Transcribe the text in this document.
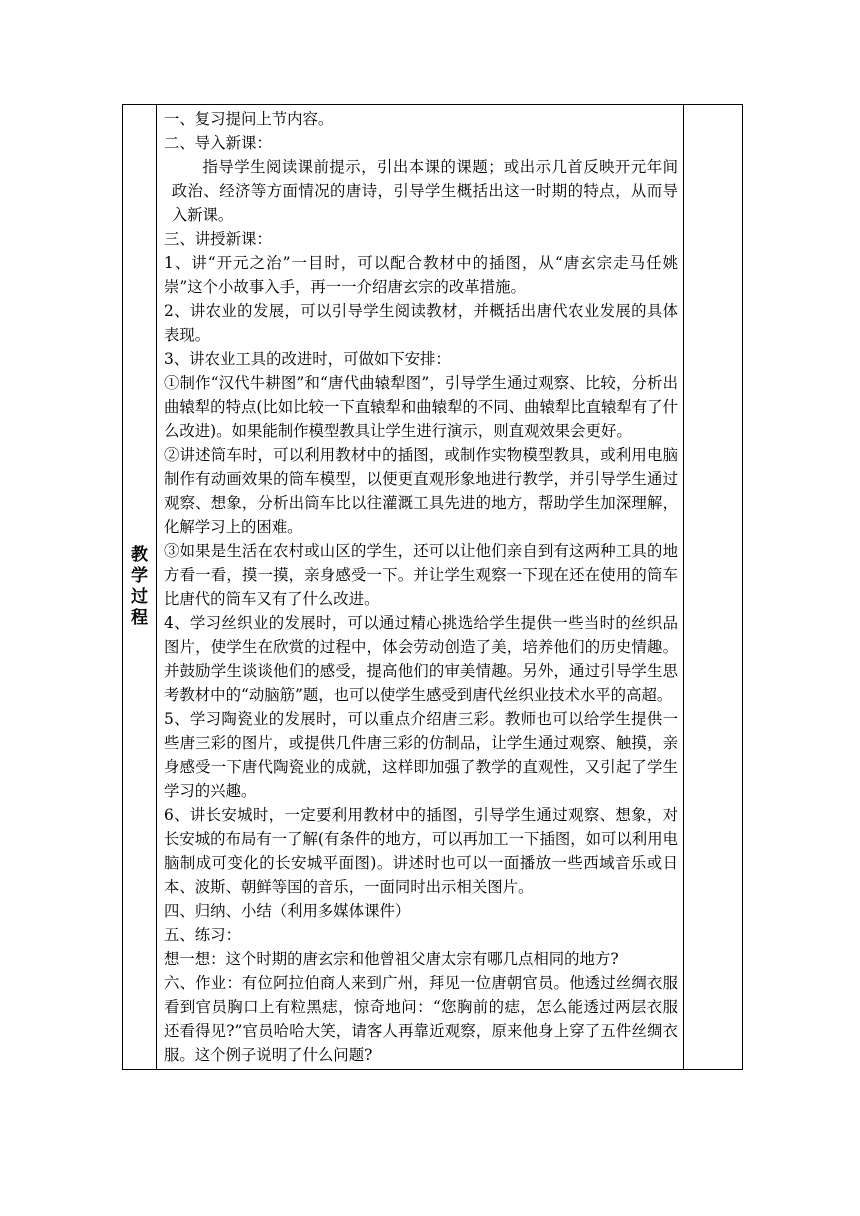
教学过程	

一、复习提问上节内容。

二、导入新课：

指导学生阅读课前提示，引出本课的课题；或出示几首反映开元年间政治、经济等方面情况的唐诗，引导学生概括出这一时期的特点，从而导入新课。

三、讲授新课：

1、讲“开元之治”一目时，可以配合教材中的插图，从“唐玄宗走马任姚崇”这个小故事入手，再一一介绍唐玄宗的改革措施。

2、讲农业的发展，可以引导学生阅读教材，并概括出唐代农业发展的具体表现。

3、讲农业工具的改进时，可做如下安排：

①制作“汉代牛耕图”和“唐代曲辕犁图”，引导学生通过观察、比较，分析出曲辕犁的特点(比如比较一下直辕犁和曲辕犁的不同、曲辕犁比直辕犁有了什么改进)。如果能制作模型教具让学生进行演示，则直观效果会更好。

②讲述筒车时，可以利用教材中的插图，或制作实物模型教具，或利用电脑制作有动画效果的筒车模型，以便更直观形象地进行教学，并引导学生通过观察、想象，分析出筒车比以往灌溉工具先进的地方，帮助学生加深理解，化解学习上的困难。

③如果是生活在农村或山区的学生，还可以让他们亲自到有这两种工具的地方看一看，摸一摸，亲身感受一下。并让学生观察一下现在还在使用的筒车比唐代的筒车又有了什么改进。

4、学习丝织业的发展时，可以通过精心挑选给学生提供一些当时的丝织品图片，使学生在欣赏的过程中，体会劳动创造了美，培养他们的历史情趣。并鼓励学生谈谈他们的感受，提高他们的审美情趣。另外，通过引导学生思考教材中的“动脑筋”题，也可以使学生感受到唐代丝织业技术水平的高超。

5、学习陶瓷业的发展时，可以重点介绍唐三彩。教师也可以给学生提供一些唐三彩的图片，或提供几件唐三彩的仿制品，让学生通过观察、触摸，亲身感受一下唐代陶瓷业的成就，这样即加强了教学的直观性，又引起了学生学习的兴趣。

6、讲长安城时，一定要利用教材中的插图，引导学生通过观察、想象，对长安城的布局有一了解(有条件的地方，可以再加工一下插图，如可以利用电脑制成可变化的长安城平面图)。讲述时也可以一面播放一些西域音乐或日本、波斯、朝鲜等国的音乐，一面同时出示相关图片。

四、归纳、小结（利用多媒体课件）

五、练习：

想一想：这个时期的唐玄宗和他曾祖父唐太宗有哪几点相同的地方?

六、作业：有位阿拉伯商人来到广州，拜见一位唐朝官员。他透过丝绸衣服看到官员胸口上有粒黑痣，惊奇地问：“您胸前的痣，怎么能透过两层衣服还看得见?”官员哈哈大笑，请客人再靠近观察，原来他身上穿了五件丝绸衣服。这个例子说明了什么问题?
